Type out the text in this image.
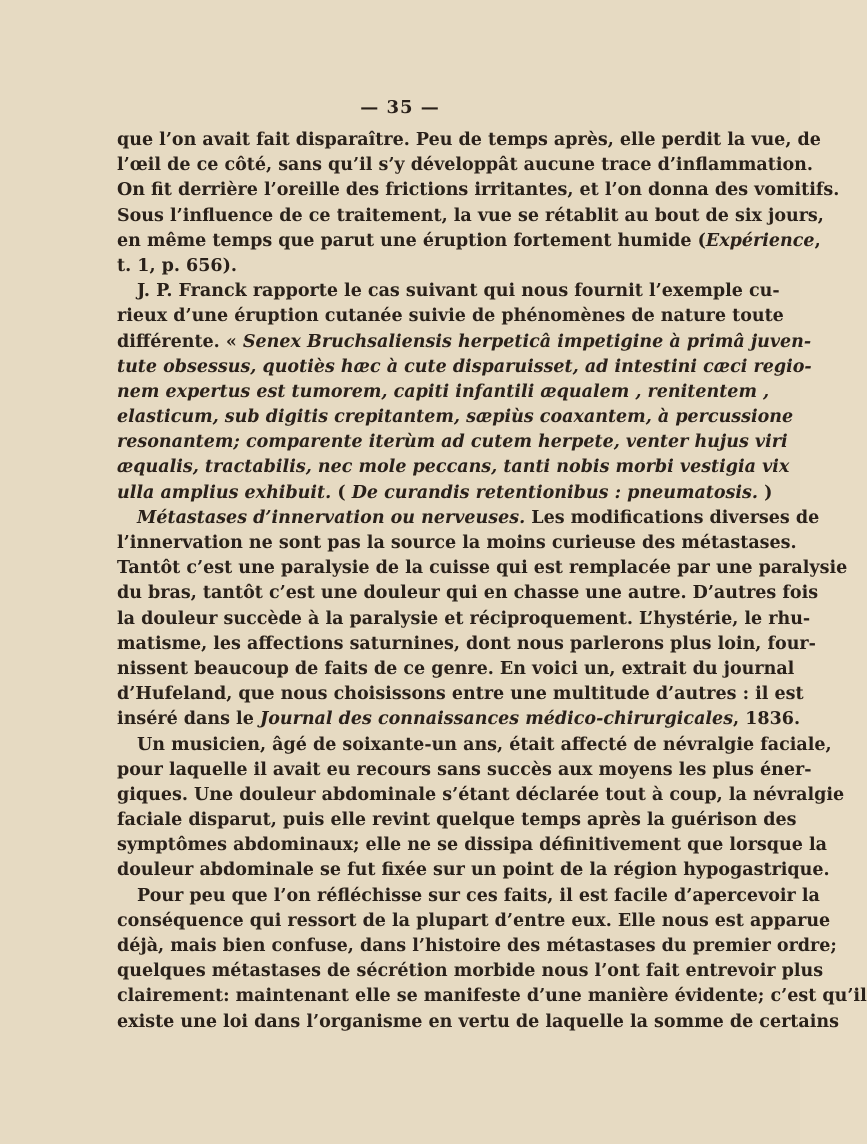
— 35 —
que l’on avait fait disparaître. Peu de temps après, elle perdit la vue, de
l’œil de ce côté, sans qu’il s’y développât aucune trace d’inflammation.
On fit derrière l’oreille des frictions irritantes, et l’on donna des vomitifs.
Sous l’influence de ce traitement, la vue se rétablit au bout de six jours,
en même temps que parut une éruption fortement humide (Expérience,
t. 1, p. 656).
J. P. Franck rapporte le cas suivant qui nous fournit l’exemple cu-
rieux d’une éruption cutanée suivie de phénomènes de nature toute
différente. « Senex Bruchsaliensis herpeticâ impetigine à primâ juven-
tute obsessus, quotiès hæc à cute disparuisset, ad intestini cæci regio-
nem expertus est tumorem, capiti infantili æqualem , renitentem ,
elasticum, sub digitis crepitantem, sæpiùs coaxantem, à percussione
resonantem; comparente iterùm ad cutem herpete, venter hujus viri
æqualis, tractabilis, nec mole peccans, tanti nobis morbi vestigia vix
ulla amplius exhibuit. ( De curandis retentionibus : pneumatosis. )
Métastases d’innervation ou nerveuses. Les modifications diverses de
l’innervation ne sont pas la source la moins curieuse des métastases.
Tantôt c’est une paralysie de la cuisse qui est remplacée par une paralysie
du bras, tantôt c’est une douleur qui en chasse une autre. D’autres fois
la douleur succède à la paralysie et réciproquement. L’hystérie, le rhu-
matisme, les affections saturnines, dont nous parlerons plus loin, four-
nissent beaucoup de faits de ce genre. En voici un, extrait du journal
d’Hufeland, que nous choisissons entre une multitude d’autres : il est
inséré dans le Journal des connaissances médico-chirurgicales, 1836.
Un musicien, âgé de soixante-un ans, était affecté de névralgie faciale,
pour laquelle il avait eu recours sans succès aux moyens les plus éner-
giques. Une douleur abdominale s’étant déclarée tout à coup, la névralgie
faciale disparut, puis elle revint quelque temps après la guérison des
symptômes abdominaux; elle ne se dissipa définitivement que lorsque la
douleur abdominale se fut fixée sur un point de la région hypogastrique.
Pour peu que l’on réfléchisse sur ces faits, il est facile d’apercevoir la
conséquence qui ressort de la plupart d’entre eux. Elle nous est apparue
déjà, mais bien confuse, dans l’histoire des métastases du premier ordre;
quelques métastases de sécrétion morbide nous l’ont fait entrevoir plus
clairement: maintenant elle se manifeste d’une manière évidente; c’est qu’il
existe une loi dans l’organisme en vertu de laquelle la somme de certains
